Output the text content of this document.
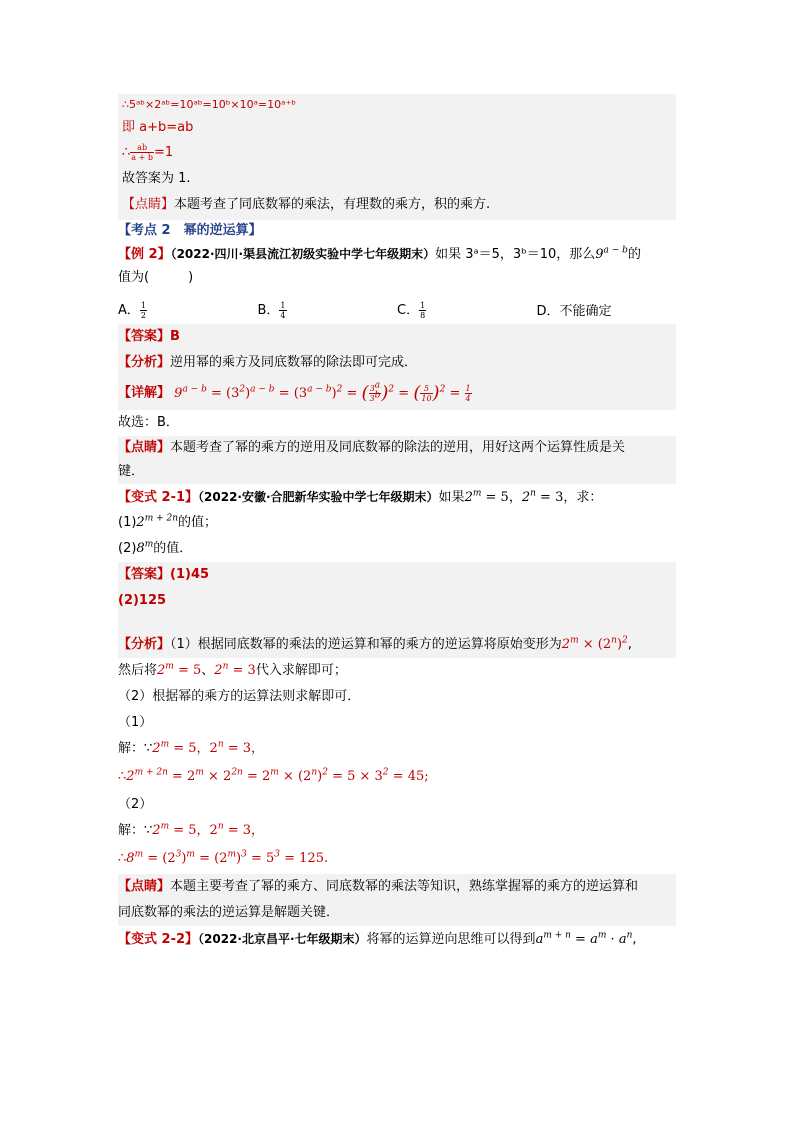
∴5ᵃᵇ×2ᵃᵇ=10ᵃᵇ=10ᵇ×10ᵃ=10ᵃ⁺ᵇ
即 a+b=ab
∴ $\frac{ab}{a + b} =1$
故答案为 1.
【点睛】本题考查了同底数幂的乘法，有理数的乘方，积的乘方.
【考点 2　幂的逆运算】
【例 2】（2022·四川·渠县流江初级实验中学七年级期末）如果 3ᵃ＝5，3ᵇ＝10，那么$9^{a - b}$的
值为(　　　)
A． $\frac{1}{2}$	B． $\frac{1}{4}$	C． $\frac{1}{8}$	D．不能确定
【答案】B
【分析】逆用幂的乘方及同底数幂的除法即可完成．
【详解】 $9^{a - b} = (3^2)^{a - b} = (3^{a - b})^2$ = ( $\frac{3^a}{3^b} )^2$ = ( $\frac{5}{10} )^2 = \frac{1}{4}$
故选：B．
【点睛】本题考查了幂的乘方的逆用及同底数幂的除法的逆用，用好这两个运算性质是关
键．
【变式 2-1】（2022·安徽·合肥新华实验中学七年级期末）如果$2^m = 5$，$2^n = 3$，求：
$(1)2^{m + 2n}$的值；
(2)8$^m$的值．
【答案】(1)45
(2)125
【分析】（1）根据同底数幂的乘法的逆运算和幂的乘方的逆运算将原始变形为$2^m \times (2^n)^2$,
然后将$2^m = 5$、$2^n = 3$代入求解即可；
（2）根据幂的乘方的运算法则求解即可．
（1）
解：$\because 2^m = 5$，$2^n = 3$，
$\therefore 2^{m + 2n} = 2^m \times 2^{2n} = 2^m \times (2^n)^2 = 5 \times 3^2 = 45$;
（2）
解：$\because 2^m = 5$，$2^n = 3$，
$\therefore 8^m = (2^3)^m = (2^m)^3 = 5^3 = 125$.
【点睛】本题主要考查了幂的乘方、同底数幂的乘法等知识，熟练掌握幂的乘方的逆运算和
同底数幂的乘法的逆运算是解题关键．
【变式 2-2】（2022·北京昌平·七年级期末）将幂的运算逆向思维可以得到$a^{m + n} = a^m \cdot a^n$,
